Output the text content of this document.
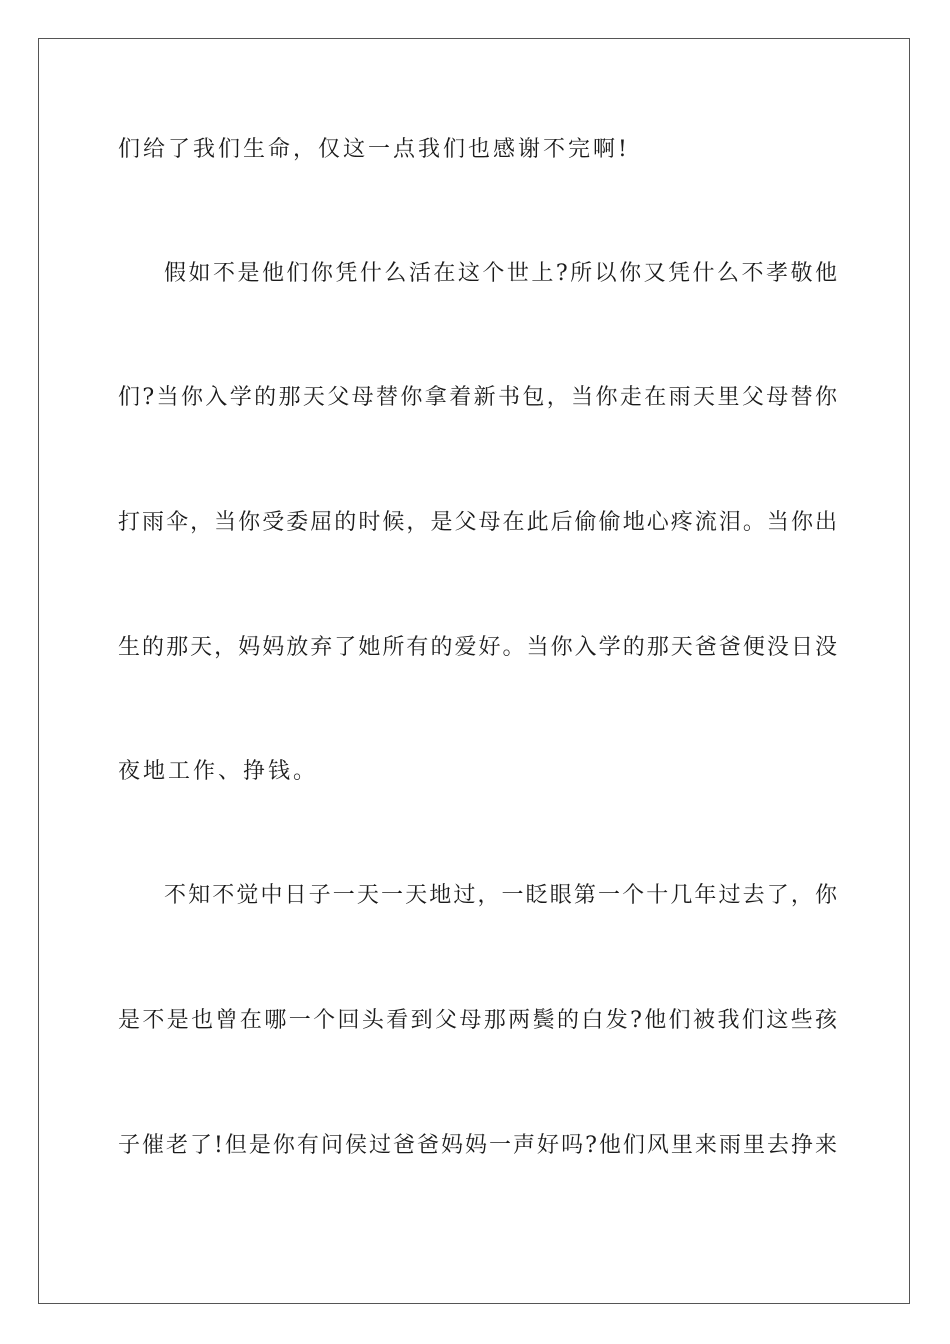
们给了我们生命，仅这一点我们也感谢不完啊!
假如不是他们你凭什么活在这个世上?所以你又凭什么不孝敬他
们?当你入学的那天父母替你拿着新书包，当你走在雨天里父母替你
打雨伞，当你受委屈的时候，是父母在此后偷偷地心疼流泪。当你出
生的那天，妈妈放弃了她所有的爱好。当你入学的那天爸爸便没日没
夜地工作、挣钱。
不知不觉中日子一天一天地过，一眨眼第一个十几年过去了，你
是不是也曾在哪一个回头看到父母那两鬓的白发?他们被我们这些孩
子催老了!但是你有问侯过爸爸妈妈一声好吗?他们风里来雨里去挣来
